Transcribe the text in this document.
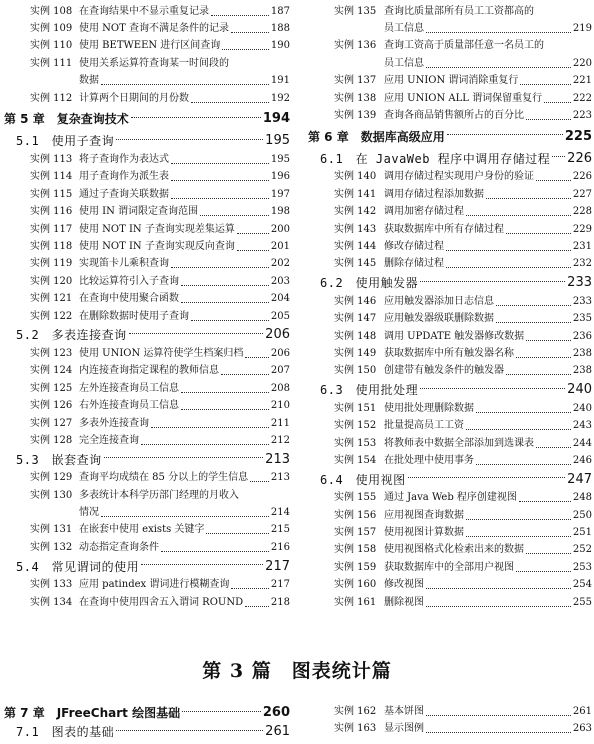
实例 108 在查询结果中不显示重复记录	187
实例 109 使用 NOT 查询不满足条件的记录	188
实例 110 使用 BETWEEN 进行区间查询	190
实例 111 使用关系运算符查询某一时间段的
数据	191
实例 112 计算两个日期间的月份数	192
第 5 章　复杂查询技术	194
5.1　使用子查询	195
实例 113 将子查询作为表达式	195
实例 114 用子查询作为派生表	196
实例 115 通过子查询关联数据	197
实例 116 使用 IN 谓词限定查询范围	198
实例 117 使用 NOT IN 子查询实现差集运算	200
实例 118 使用 NOT IN 子查询实现反向查询	201
实例 119 实现笛卡儿乘积查询	202
实例 120 比较运算符引入子查询	203
实例 121 在查询中使用聚合函数	204
实例 122 在删除数据时使用子查询	205
5.2　多表连接查询	206
实例 123 使用 UNION 运算符使学生档案归档	206
实例 124 内连接查询指定课程的教师信息	207
实例 125 左外连接查询员工信息	208
实例 126 右外连接查询员工信息	210
实例 127 多表外连接查询	211
实例 128 完全连接查询	212
5.3　嵌套查询	213
实例 129 查询平均成绩在 85 分以上的学生信息 213
实例 130 多表统计本科学历部门经理的月收入
情况	214
实例 131 在嵌套中使用 exists 关键字	215
实例 132 动态指定查询条件	216
5.4　常见谓词的使用	217
实例 133 应用 patindex 谓词进行模糊查询	217
实例 134 在查询中使用四舍五入谓词 ROUND	218
实例 135 查询比质量部所有员工工资都高的
员工信息	219
实例 136 查询工资高于质量部任意一名员工的
员工信息	220
实例 137 应用 UNION 谓词消除重复行	221
实例 138 应用 UNION ALL 谓词保留重复行	222
实例 139 查询各商品销售额所占的百分比	223
第 6 章　数据库高级应用	225
6.1　在 JavaWeb 程序中调用存储过程 226
实例 140 调用存储过程实现用户身份的验证	226
实例 141 调用存储过程添加数据	227
实例 142 调用加密存储过程	228
实例 143 获取数据库中所有存储过程	229
实例 144 修改存储过程	231
实例 145 删除存储过程	232
6.2　使用触发器	233
实例 146 应用触发器添加日志信息	233
实例 147 应用触发器级联删除数据	235
实例 148 调用 UPDATE 触发器修改数据	236
实例 149 获取数据库中所有触发器名称	238
实例 150 创建带有触发条件的触发器	238
6.3　使用批处理	240
实例 151 使用批处理删除数据	240
实例 152 批量提高员工工资	243
实例 153 将教师表中数据全部添加到选课表	244
实例 154 在批处理中使用事务	246
6.4　使用视图	247
实例 155 通过 Java Web 程序创建视图	248
实例 156 应用视图查询数据	250
实例 157 使用视图计算数据	251
实例 158 使用视图格式化检索出来的数据	252
实例 159 获取数据库中的全部用户视图	253
实例 160 修改视图	254
实例 161 删除视图	255
第 3 篇　图表统计篇
第 7 章　JFreeChart 绘图基础	260
7.1　图表的基础	261
实例 162 基本饼图	261
实例 163 显示图例	263
